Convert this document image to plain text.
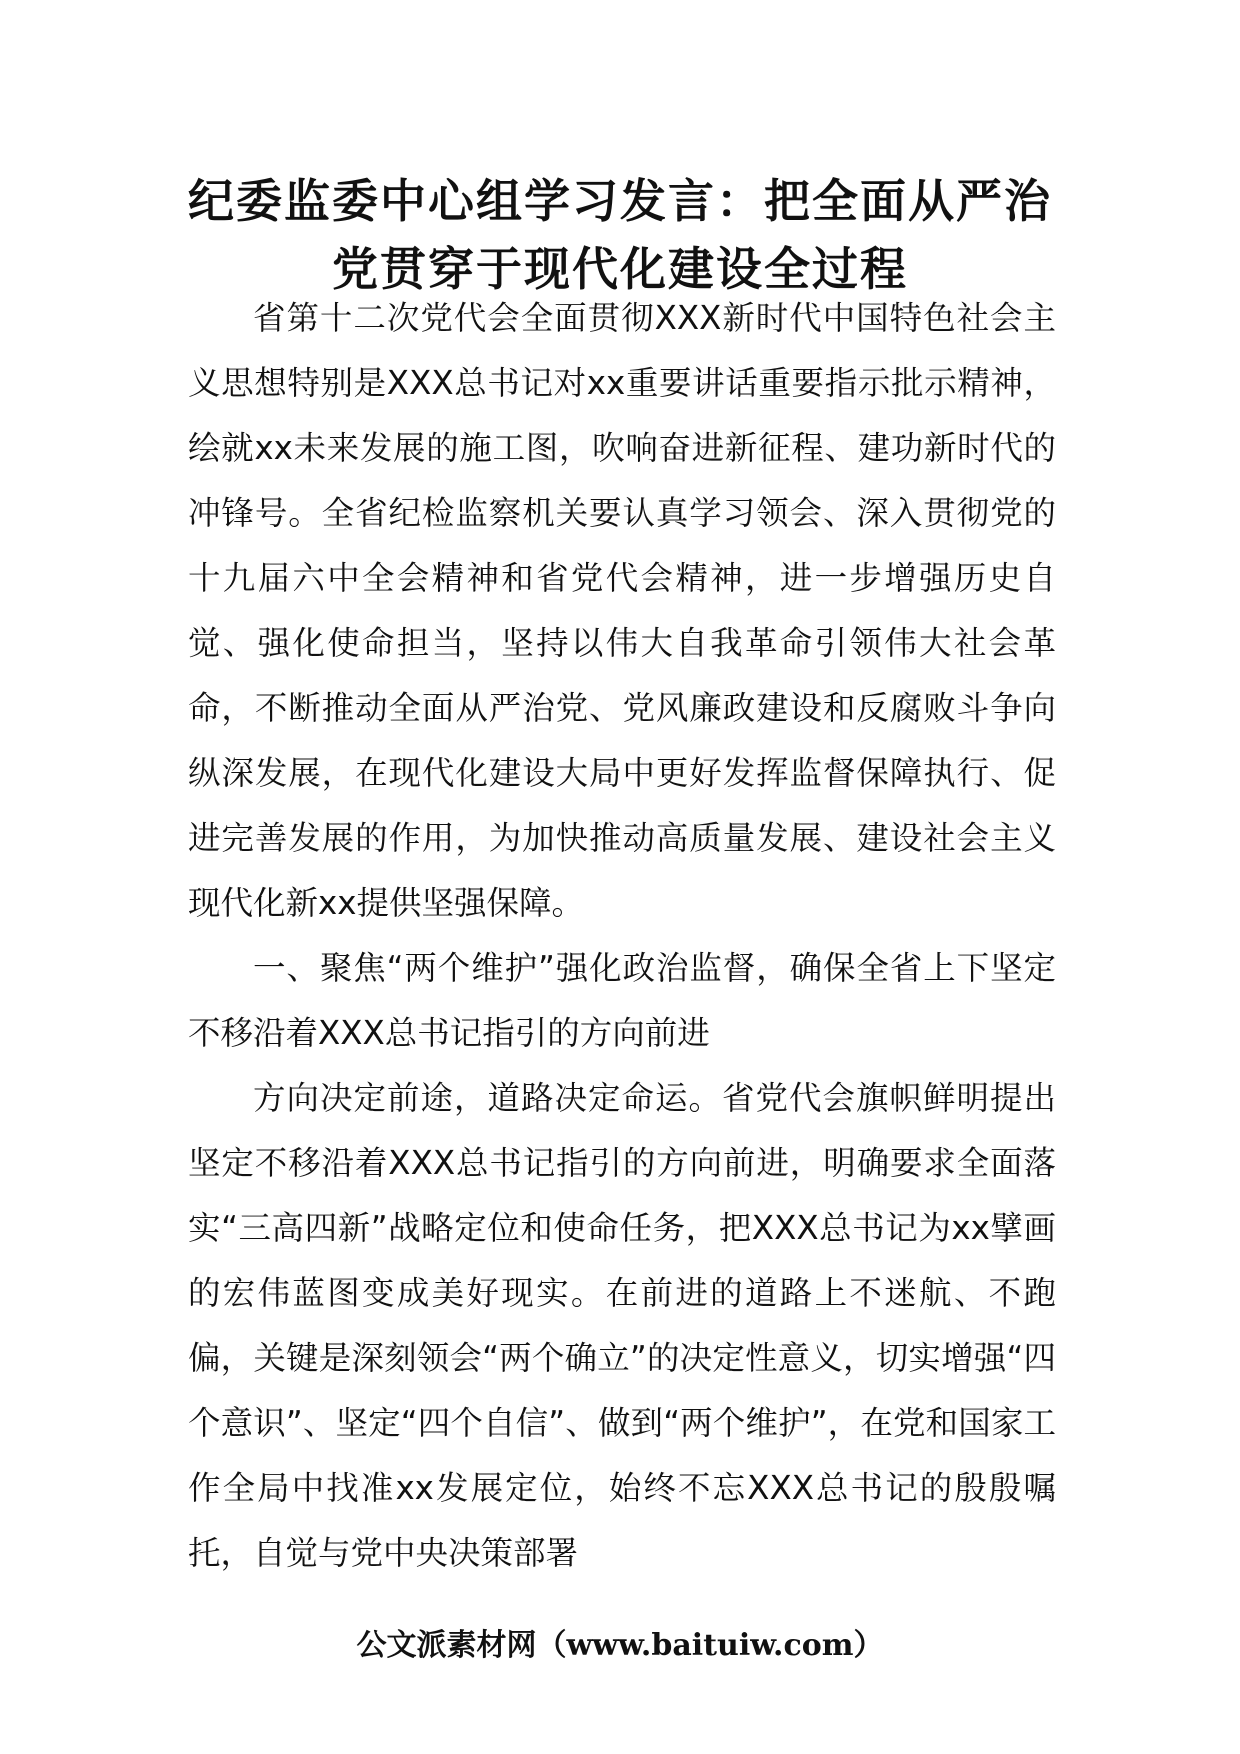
纪委监委中心组学习发言：把全面从严治
党贯穿于现代化建设全过程

省第十二次党代会全面贯彻XXX新时代中国特色社会主义思想特别是XXX总书记对xx重要讲话重要指示批示精神，绘就xx未来发展的施工图，吹响奋进新征程、建功新时代的冲锋号。全省纪检监察机关要认真学习领会、深入贯彻党的十九届六中全会精神和省党代会精神，进一步增强历史自觉、强化使命担当，坚持以伟大自我革命引领伟大社会革命，不断推动全面从严治党、党风廉政建设和反腐败斗争向纵深发展，在现代化建设大局中更好发挥监督保障执行、促进完善发展的作用，为加快推动高质量发展、建设社会主义现代化新xx提供坚强保障。

一、聚焦“两个维护”强化政治监督，确保全省上下坚定不移沿着XXX总书记指引的方向前进

方向决定前途，道路决定命运。省党代会旗帜鲜明提出坚定不移沿着XXX总书记指引的方向前进，明确要求全面落实“三高四新”战略定位和使命任务，把XXX总书记为xx擘画的宏伟蓝图变成美好现实。在前进的道路上不迷航、不跑偏，关键是深刻领会“两个确立”的决定性意义，切实增强“四个意识”、坚定“四个自信”、做到“两个维护”，在党和国家工作全局中找准xx发展定位，始终不忘XXX总书记的殷殷嘱托，自觉与党中央决策部署

公文派素材网（www.baituiw.com）
